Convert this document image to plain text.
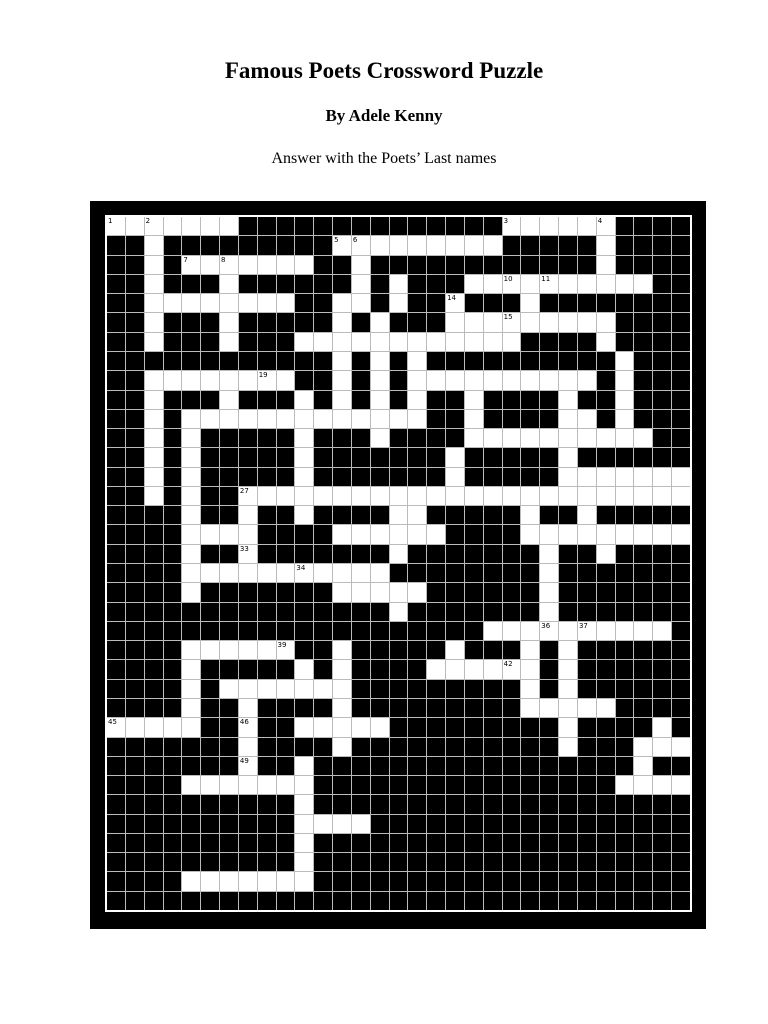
Famous Poets Crossword Puzzle
By Adele Kenny
Answer with the Poets’ Last names
1	2	3	4
5 6
7	8
9	10	11
12	13	14
15
16
17
18	19	20
21	22
23
24	25
26	27
28	29
30	31
32	33
34
35	36	37
38	39	40
41	42
43
44
45	46	47
48
49	50
51	52
53
54
